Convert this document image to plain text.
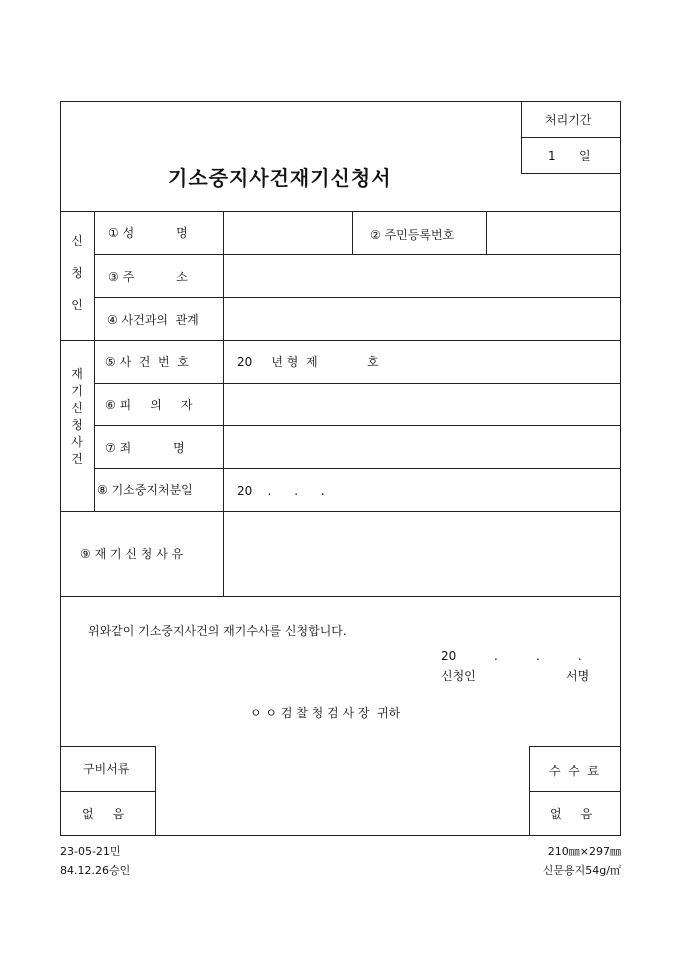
기소중지사건재기신청서
처리기간
1 일
신
청
인
① 성           명	② 주민등록번호
③ 주           소
④ 사건과의  관계
재
기
신
청
사
건
⑤ 사  건  번  호	20     년 형  제             호
⑥ 피     의     자
⑦ 죄           명
⑧ 기소중지처분일	20    .      .      .
⑨ 재 기 신 청 사 유
위와같이 기소중지사건의 재기수사를 신청합니다.
20	.          .          .
신청인	서명
ㅇ ㅇ 검 찰 청 검 사 장  귀하
구비서류
없     음
수  수  료
없     음
23-05-21민
84.12.26승인
210㎜×297㎜
신문용지54g/㎡
